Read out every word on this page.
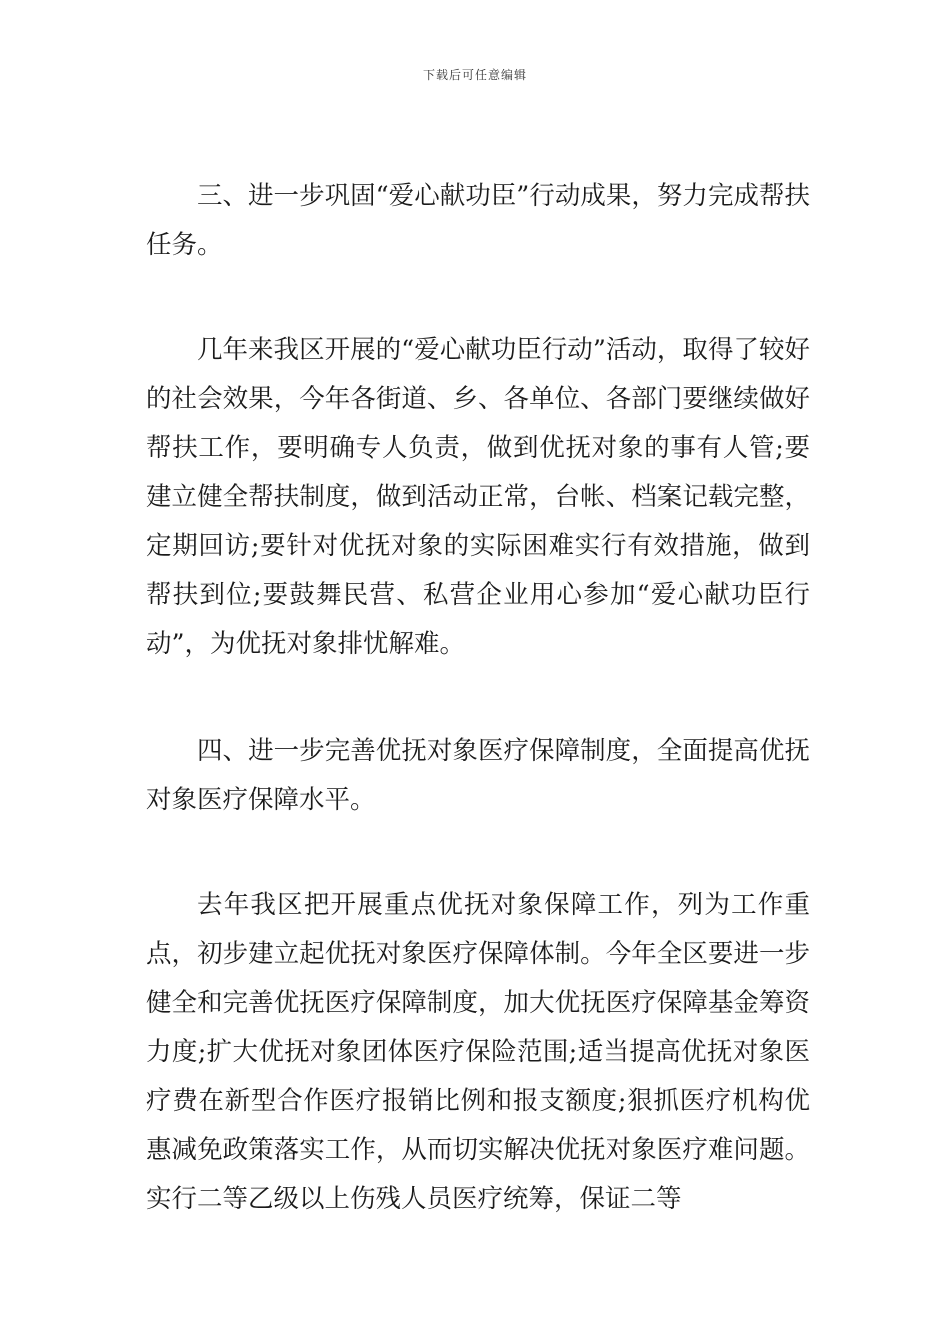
下载后可任意编辑

三、进一步巩固“爱心献功臣”行动成果，努力完成帮扶任务。

几年来我区开展的“爱心献功臣行动”活动，取得了较好的社会效果，今年各街道、乡、各单位、各部门要继续做好帮扶工作，要明确专人负责，做到优抚对象的事有人管;要建立健全帮扶制度，做到活动正常，台帐、档案记载完整，定期回访;要针对优抚对象的实际困难实行有效措施，做到帮扶到位;要鼓舞民营、私营企业用心参加“爱心献功臣行动”，为优抚对象排忧解难。

四、进一步完善优抚对象医疗保障制度，全面提高优抚对象医疗保障水平。

去年我区把开展重点优抚对象保障工作，列为工作重点，初步建立起优抚对象医疗保障体制。今年全区要进一步健全和完善优抚医疗保障制度，加大优抚医疗保障基金筹资力度;扩大优抚对象团体医疗保险范围;适当提高优抚对象医疗费在新型合作医疗报销比例和报支额度;狠抓医疗机构优惠减免政策落实工作，从而切实解决优抚对象医疗难问题。实行二等乙级以上伤残人员医疗统筹，保证二等
